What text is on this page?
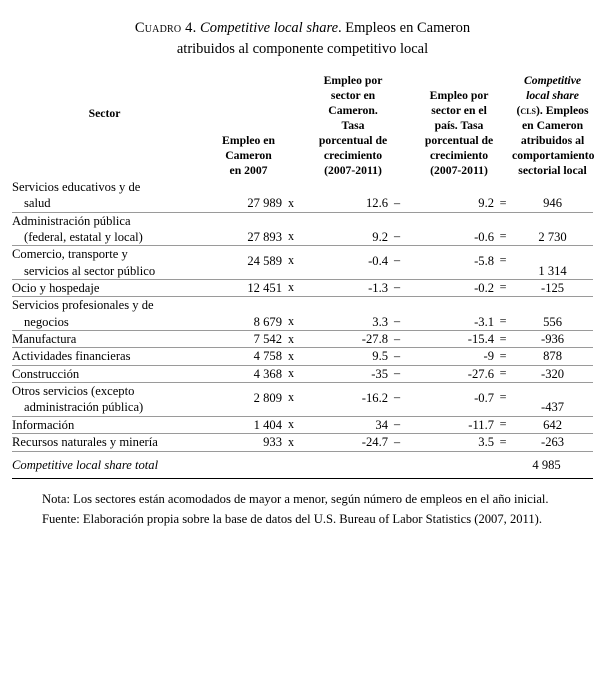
Cuadro 4. Competitive local share. Empleos en Cameron
atribuidos al componente competitivo local
Sector	Empleo en
Cameron
en 2007	Empleo por
sector en
Cameron.
Tasa
porcentual de
crecimiento
(2007-2011)	Empleo por
sector en el
país. Tasa
porcentual de
crecimiento
(2007-2011)	Competitive
local share
(cls). Empleos
en Cameron
atribuidos al
comportamiento
sectorial local
Servicios educativos y de
salud	27 989	x	12.6	–	9.2	=	946
Administración pública
(federal, estatal y local)	27 893	x	9.2	–	-0.6	=	2 730
Comercio, transporte y
servicios al sector público	24 589	x	-0.4	–	-5.8	=	1 314
Ocio y hospedaje	12 451	x	-1.3	–	-0.2	=	-125
Servicios profesionales y de
negocios	8 679	x	3.3	–	-3.1	=	556
Manufactura	7 542	x	-27.8	–	-15.4	=	-936
Actividades financieras	4 758	x	9.5	–	-9	=	878
Construcción	4 368	x	-35	–	-27.6	=	-320
Otros servicios (excepto
administración pública)	2 809	x	-16.2	–	-0.7	=	-437
Información	1 404	x	34	–	-11.7	=	642
Recursos naturales y minería	933	x	-24.7	–	3.5	=	-263
Competitive local share total							4 985

Nota: Los sectores están acomodados de mayor a menor, según número de empleos en el año inicial.

Fuente: Elaboración propia sobre la base de datos del U.S. Bureau of Labor Statistics (2007, 2011).
